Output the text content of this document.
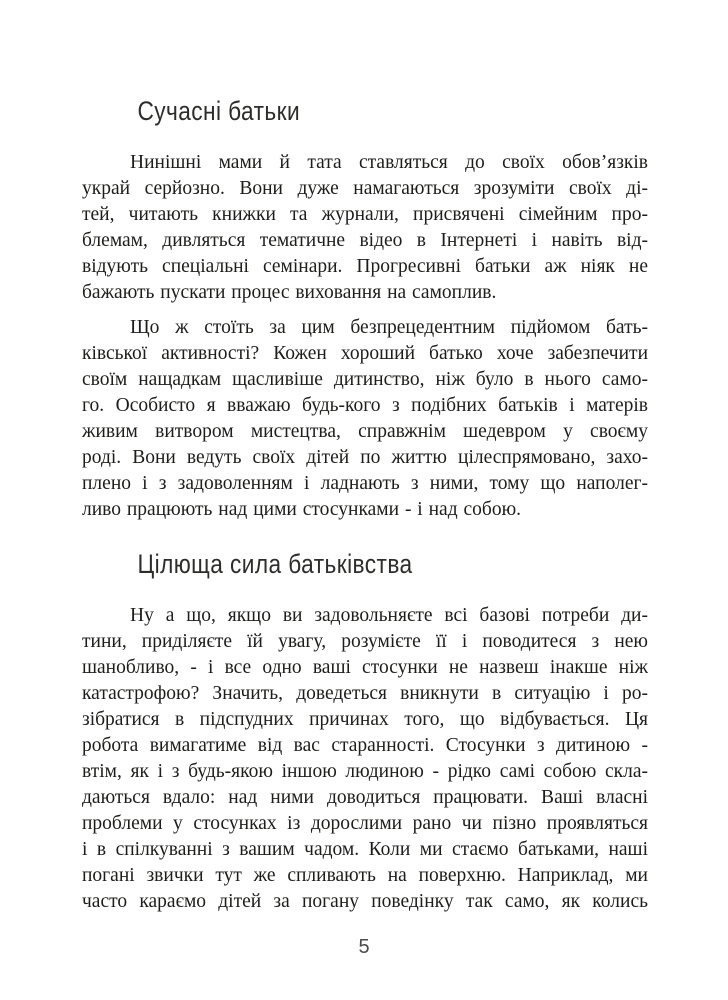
Сучасні батьки
Нинішні мами й тата ставляться до своїх обов’язків
украй серйозно. Вони дуже намагаються зрозуміти своїх ді-
тей, читають книжки та журнали, присвячені сімейним про-
блемам, дивляться тематичне відео в Інтернеті і навіть від-
відують спеціальні семінари. Прогресивні батьки аж ніяк не
бажають пускати процес виховання на самоплив.
Що ж стоїть за цим безпрецедентним підйомом бать-
ківської активності? Кожен хороший батько хоче забезпечити
своїм нащадкам щасливіше дитинство, ніж було в нього само-
го. Особисто я вважаю будь-кого з подібних батьків і матерів
живим витвором мистецтва, справжнім шедевром у своєму
роді. Вони ведуть своїх дітей по життю цілеспрямовано, захо-
плено і з задоволенням і ладнають з ними, тому що наполег-
ливо працюють над цими стосунками - і над собою.
Цілюща сила батьківства
Ну а що, якщо ви задовольняєте всі базові потреби ди-
тини, приділяєте їй увагу, розумієте її і поводитеся з нею
шанобливо, - і все одно ваші стосунки не назвеш інакше ніж
катастрофою? Значить, доведеться вникнути в ситуацію і ро-
зібратися в підспудних причинах того, що відбувається. Ця
робота вимагатиме від вас старанності. Стосунки з дитиною -
втім, як і з будь-якою іншою людиною - рідко самі собою скла-
даються вдало: над ними доводиться працювати. Ваші власні
проблеми у стосунках із дорослими рано чи пізно проявляться
і в спілкуванні з вашим чадом. Коли ми стаємо батьками, наші
погані звички тут же спливають на поверхню. Наприклад, ми
часто караємо дітей за погану поведінку так само, як колись
5
